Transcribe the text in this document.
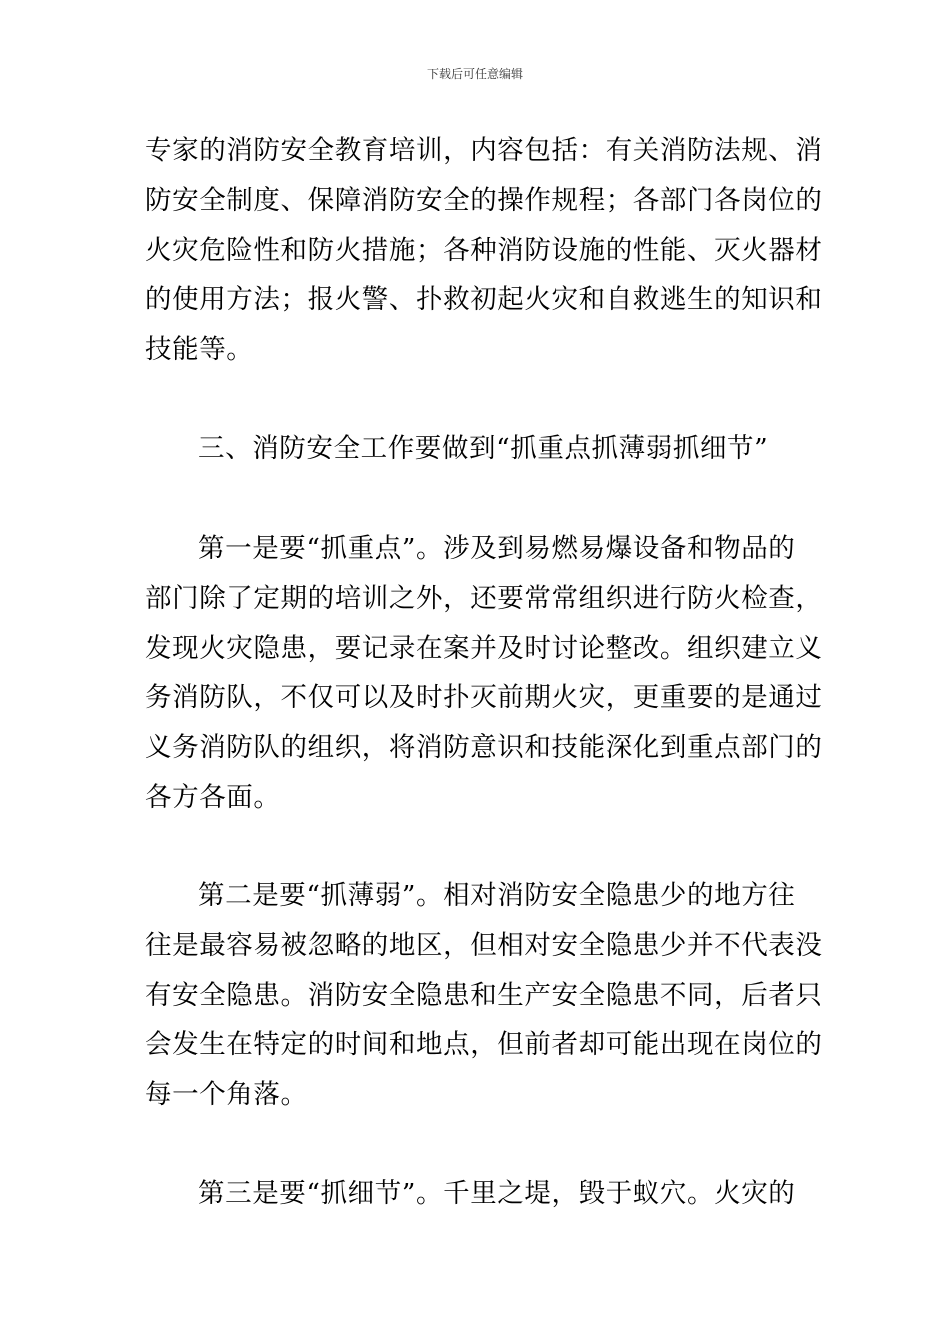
下载后可任意编辑
专家的消防安全教育培训，内容包括：有关消防法规、消
防安全制度、保障消防安全的操作规程；各部门各岗位的
火灾危险性和防火措施；各种消防设施的性能、灭火器材
的使用方法；报火警、扑救初起火灾和自救逃生的知识和
技能等。
三、消防安全工作要做到“抓重点抓薄弱抓细节”
第一是要“抓重点”。涉及到易燃易爆设备和物品的
部门除了定期的培训之外，还要常常组织进行防火检查，
发现火灾隐患，要记录在案并及时讨论整改。组织建立义
务消防队，不仅可以及时扑灭前期火灾，更重要的是通过
义务消防队的组织，将消防意识和技能深化到重点部门的
各方各面。
第二是要“抓薄弱”。相对消防安全隐患少的地方往
往是最容易被忽略的地区，但相对安全隐患少并不代表没
有安全隐患。消防安全隐患和生产安全隐患不同，后者只
会发生在特定的时间和地点，但前者却可能出现在岗位的
每一个角落。
第三是要“抓细节”。千里之堤，毁于蚁穴。火灾的
